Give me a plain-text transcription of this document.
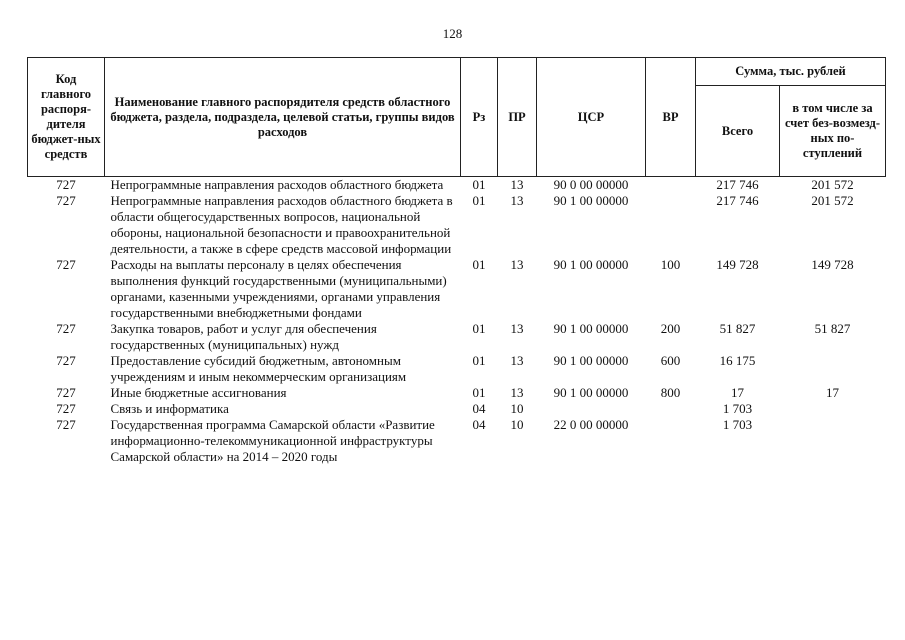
128
Код главного распоря-дителя бюджет-ных средств	Наименование главного распорядителя средств областного бюджета, раздела, подраздела, целевой статьи, группы видов расходов	Рз	ПР	ЦСР	ВР	Сумма, тыс. рублей	
						Всего	в том числе за счет без-возмезд-ных по-ступлений
727	Непрограммные направления расходов областного бюджета	01	13	90 0 00 00000		217 746	201 572
727	Непрограммные направления расходов областного бюджета в области общегосударственных вопросов, национальной обороны, национальной безопасности и правоохранительной деятельности, а также в сфере средств массовой информации	01	13	90 1 00 00000		217 746	201 572
727	Расходы на выплаты персоналу в целях обеспечения выполнения функций государственными (муниципальными) органами, казенными учреждениями, органами управления государственными внебюджетными фондами	01	13	90 1 00 00000	100	149 728	149 728
727	Закупка товаров, работ и услуг для обеспечения государственных (муниципальных) нужд	01	13	90 1 00 00000	200	51 827	51 827
727	Предоставление субсидий бюджетным, автономным учреждениям и иным некоммерческим организациям	01	13	90 1 00 00000	600	16 175	
727	Иные бюджетные ассигнования	01	13	90 1 00 00000	800	17	17
727	Связь и информатика	04	10			1 703	
727	Государственная программа Самарской области «Развитие информационно-телекоммуникационной инфраструктуры Самарской области» на 2014 – 2020 годы	04	10	22 0 00 00000		1 703	
